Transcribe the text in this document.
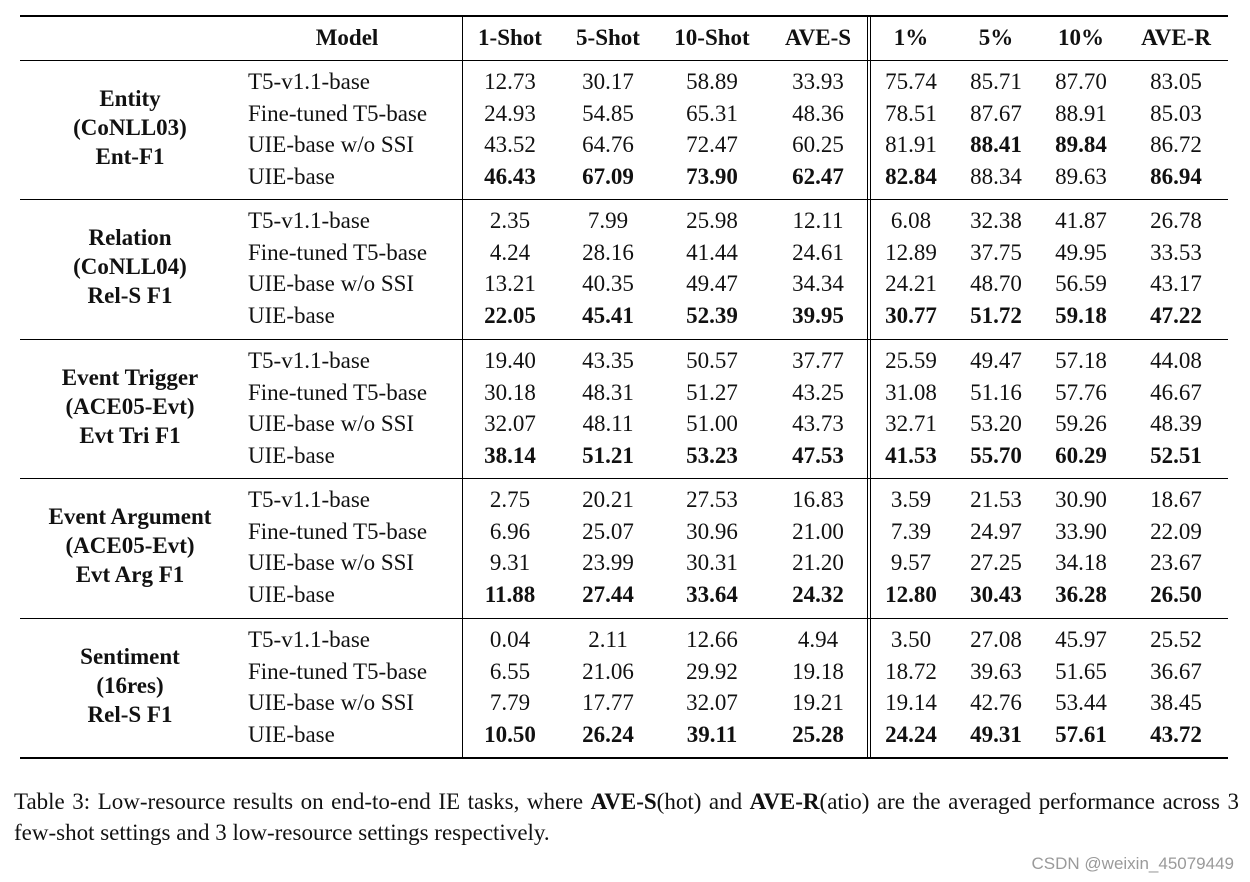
Model	1-Shot	5-Shot	10-Shot	AVE-S	1%	5%	10%	AVE-R
Entity
(CoNLL03)
Ent-F1
T5-v1.1-base	12.73	30.17	58.89	33.93	75.74	85.71	87.70	83.05
Fine-tuned T5-base	24.93	54.85	65.31	48.36	78.51	87.67	88.91	85.03
UIE-base w/o SSI	43.52	64.76	72.47	60.25	81.91	88.41	89.84	86.72
UIE-base	46.43	67.09	73.90	62.47	82.84	88.34	89.63	86.94
Relation
(CoNLL04)
Rel-S F1
T5-v1.1-base	2.35	7.99	25.98	12.11	6.08	32.38	41.87	26.78
Fine-tuned T5-base	4.24	28.16	41.44	24.61	12.89	37.75	49.95	33.53
UIE-base w/o SSI	13.21	40.35	49.47	34.34	24.21	48.70	56.59	43.17
UIE-base	22.05	45.41	52.39	39.95	30.77	51.72	59.18	47.22
Event Trigger
(ACE05-Evt)
Evt Tri F1
T5-v1.1-base	19.40	43.35	50.57	37.77	25.59	49.47	57.18	44.08
Fine-tuned T5-base	30.18	48.31	51.27	43.25	31.08	51.16	57.76	46.67
UIE-base w/o SSI	32.07	48.11	51.00	43.73	32.71	53.20	59.26	48.39
UIE-base	38.14	51.21	53.23	47.53	41.53	55.70	60.29	52.51
Event Argument
(ACE05-Evt)
Evt Arg F1
T5-v1.1-base	2.75	20.21	27.53	16.83	3.59	21.53	30.90	18.67
Fine-tuned T5-base	6.96	25.07	30.96	21.00	7.39	24.97	33.90	22.09
UIE-base w/o SSI	9.31	23.99	30.31	21.20	9.57	27.25	34.18	23.67
UIE-base	11.88	27.44	33.64	24.32	12.80	30.43	36.28	26.50
Sentiment
(16res)
Rel-S F1
T5-v1.1-base	0.04	2.11	12.66	4.94	3.50	27.08	45.97	25.52
Fine-tuned T5-base	6.55	21.06	29.92	19.18	18.72	39.63	51.65	36.67
UIE-base w/o SSI	7.79	17.77	32.07	19.21	19.14	42.76	53.44	38.45
UIE-base	10.50	26.24	39.11	25.28	24.24	49.31	57.61	43.72
Table 3: Low-resource results on end-to-end IE tasks, where AVE-S(hot) and AVE-R(atio) are the averaged performance across 3 few-shot settings and 3 low-resource settings respectively.
CSDN @weixin_45079449
